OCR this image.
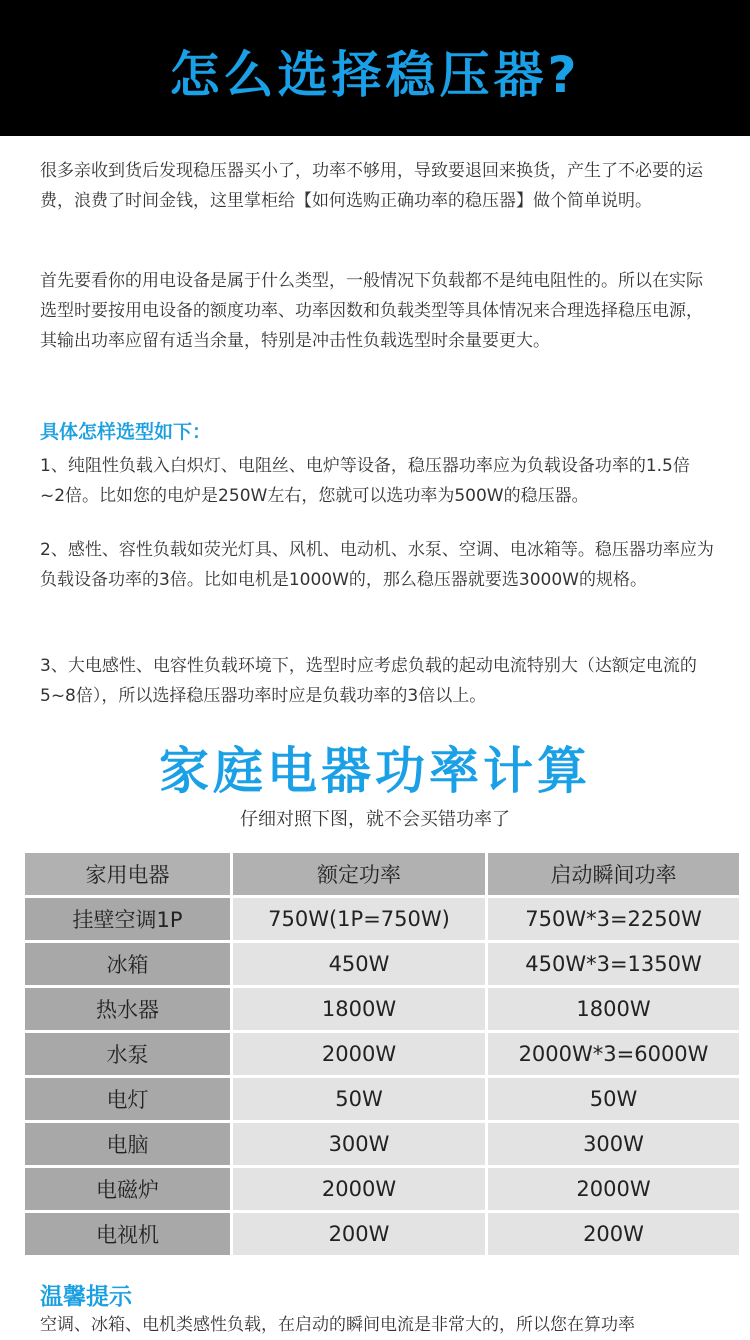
怎么选择稳压器?

很多亲收到货后发现稳压器买小了，功率不够用，导致要退回来换货，产生了不必要的运费，浪费了时间金钱，这里掌柜给【如何选购正确功率的稳压器】做个简单说明。

首先要看你的用电设备是属于什么类型，一般情况下负载都不是纯电阻性的。所以在实际选型时要按用电设备的额度功率、功率因数和负载类型等具体情况来合理选择稳压电源，其输出功率应留有适当余量，特别是冲击性负载选型时余量要更大。

具体怎样选型如下：

1、纯阻性负载入白炽灯、电阻丝、电炉等设备，稳压器功率应为负载设备功率的1.5倍~2倍。比如您的电炉是250W左右，您就可以选功率为500W的稳压器。

2、感性、容性负载如荧光灯具、风机、电动机、水泵、空调、电冰箱等。稳压器功率应为负载设备功率的3倍。比如电机是1000W的，那么稳压器就要选3000W的规格。

3、大电感性、电容性负载环境下，选型时应考虑负载的起动电流特别大（达额定电流的5~8倍），所以选择稳压器功率时应是负载功率的3倍以上。

家庭电器功率计算
仔细对照下图，就不会买错功率了
家用电器	额定功率	启动瞬间功率
挂壁空调1P	750W(1P=750W)	750W*3=2250W
冰箱	450W	450W*3=1350W
热水器	1800W	1800W
水泵	2000W	2000W*3=6000W
电灯	50W	50W
电脑	300W	300W
电磁炉	2000W	2000W
电视机	200W	200W
温馨提示
空调、冰箱、电机类感性负载，在启动的瞬间电流是非常大的，所以您在算功率
